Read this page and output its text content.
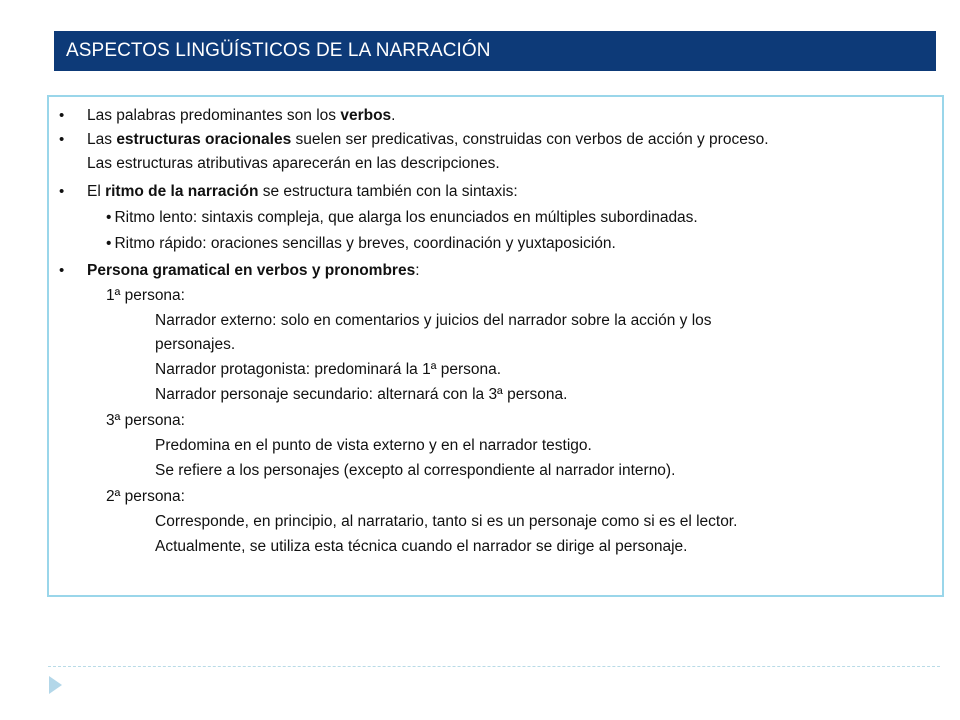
ASPECTOS LINGÜÍSTICOS DE LA NARRACIÓN
• Las palabras predominantes son los verbos.
• Las estructuras oracionales suelen ser predicativas, construidas con verbos de acción y proceso.
Las estructuras atributivas aparecerán en las descripciones.
• El ritmo de la narración se estructura también con la sintaxis:
• Ritmo lento: sintaxis compleja, que alarga los enunciados en múltiples subordinadas.
• Ritmo rápido: oraciones sencillas y breves, coordinación y yuxtaposición.
• Persona gramatical en verbos y pronombres:
1ª persona:
Narrador externo: solo en comentarios y juicios del narrador sobre la acción y los
personajes.
Narrador protagonista: predominará la 1ª persona.
Narrador personaje secundario: alternará con la 3ª persona.
3ª persona:
Predomina en el punto de vista externo y en el narrador testigo.
Se refiere a los personajes (excepto al correspondiente al narrador interno).
2ª persona:
Corresponde, en principio, al narratario, tanto si es un personaje como si es el lector.
Actualmente, se utiliza esta técnica cuando el narrador se dirige al personaje.
